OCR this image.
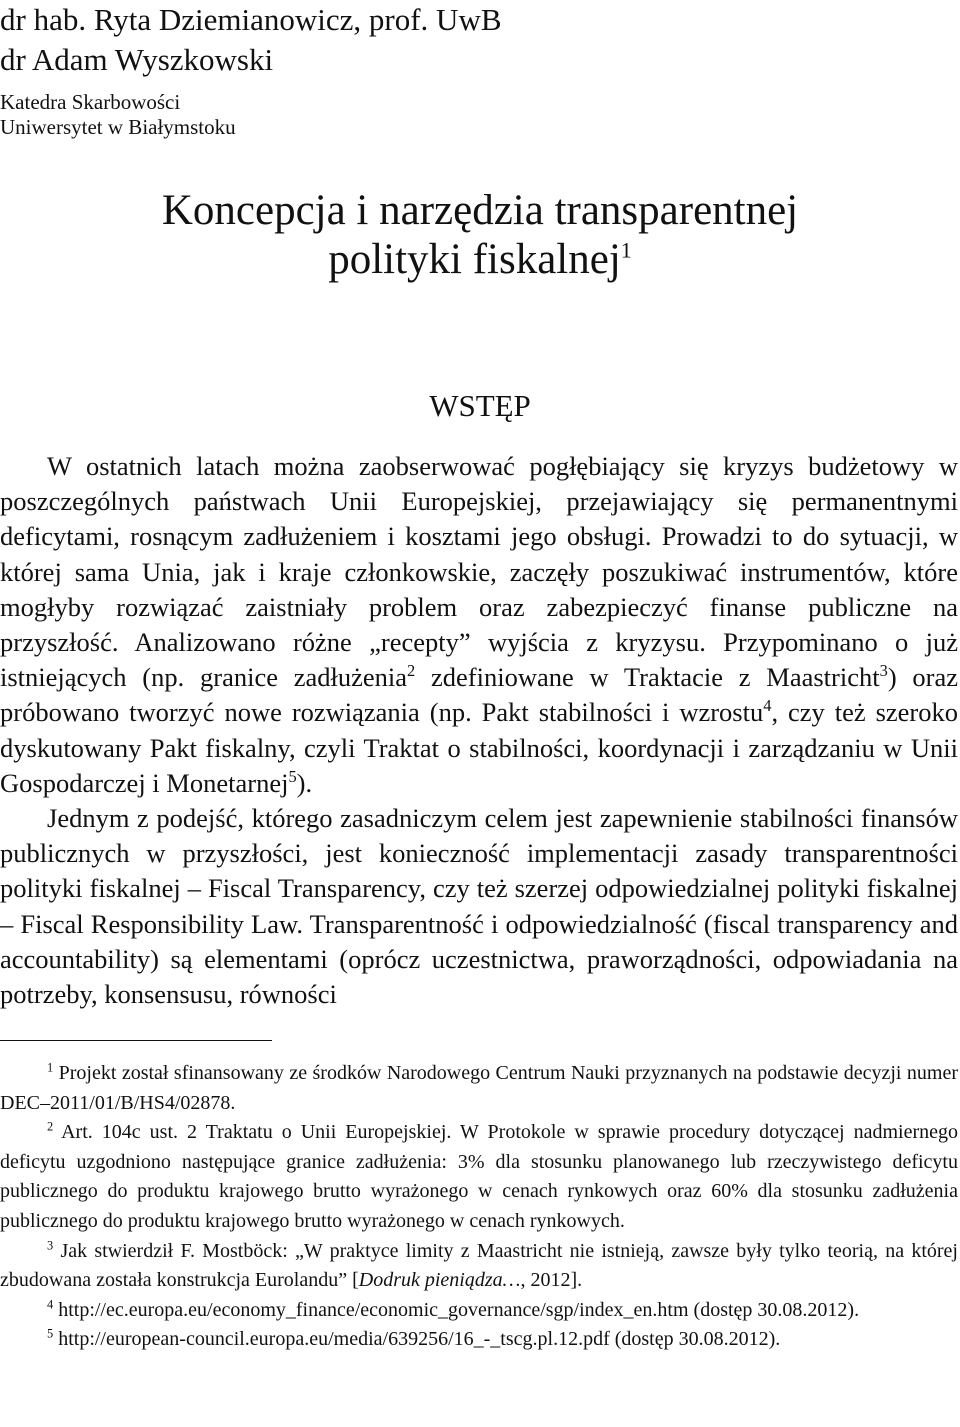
dr hab. Ryta Dziemianowicz, prof. UwB

dr Adam Wyszkowski

Katedra Skarbowości

Uniwersytet w Białymstoku

Koncepcja i narzędzia transparentnej
polityki fiskalnej$^1$
WSTĘP

W ostatnich latach można zaobserwować pogłębiający się kryzys budżetowy w poszczególnych państwach Unii Europejskiej, przejawiający się permanentnymi deficytami, rosnącym zadłużeniem i kosztami jego obsługi. Prowadzi to do sytuacji, w której sama Unia, jak i kraje członkowskie, zaczęły poszukiwać instrumentów, które mogłyby rozwiązać zaistniały problem oraz zabezpieczyć finanse publiczne na przyszłość. Analizowano różne „recepty” wyjścia z kryzysu. Przypominano o już istniejących (np. granice zadłużenia$^2$ zdefiniowane w Traktacie z Maastricht$^3$) oraz próbowano tworzyć nowe rozwiązania (np. Pakt stabilności i wzrostu$^4$, czy też szeroko dyskutowany Pakt fiskalny, czyli Traktat o stabilności, koordynacji i zarządzaniu w Unii Gospodarczej i Monetarnej$^5$).

Jednym z podejść, którego zasadniczym celem jest zapewnienie stabilności finansów publicznych w przyszłości, jest konieczność implementacji zasady transparentności polityki fiskalnej – Fiscal Transparency, czy też szerzej odpowiedzialnej polityki fiskalnej – Fiscal Responsibility Law. Transparentność i odpowiedzialność (fiscal transparency and accountability) są elementami (oprócz uczestnictwa, praworządności, odpowiadania na potrzeby, konsensusu, równości

$^1$ Projekt został sfinansowany ze środków Narodowego Centrum Nauki przyznanych na podstawie decyzji numer DEC–2011/01/B/HS4/02878.

$^2$ Art. 104c ust. 2 Traktatu o Unii Europejskiej. W Protokole w sprawie procedury dotyczącej nadmiernego deficytu uzgodniono następujące granice zadłużenia: 3% dla stosunku planowanego lub rzeczywistego deficytu publicznego do produktu krajowego brutto wyrażonego w cenach rynkowych oraz 60% dla stosunku zadłużenia publicznego do produktu krajowego brutto wyrażonego w cenach rynkowych.

$^3$ Jak stwierdził F. Mostböck: „W praktyce limity z Maastricht nie istnieją, zawsze były tylko teorią, na której zbudowana została konstrukcja Eurolandu” [Dodruk pieniądza…, 2012].

$^4$ http://ec.europa.eu/economy_finance/economic_governance/sgp/index_en.htm (dostęp 30.08.2012).

$^5$ http://european-council.europa.eu/media/639256/16_-_tscg.pl.12.pdf (dostęp 30.08.2012).
